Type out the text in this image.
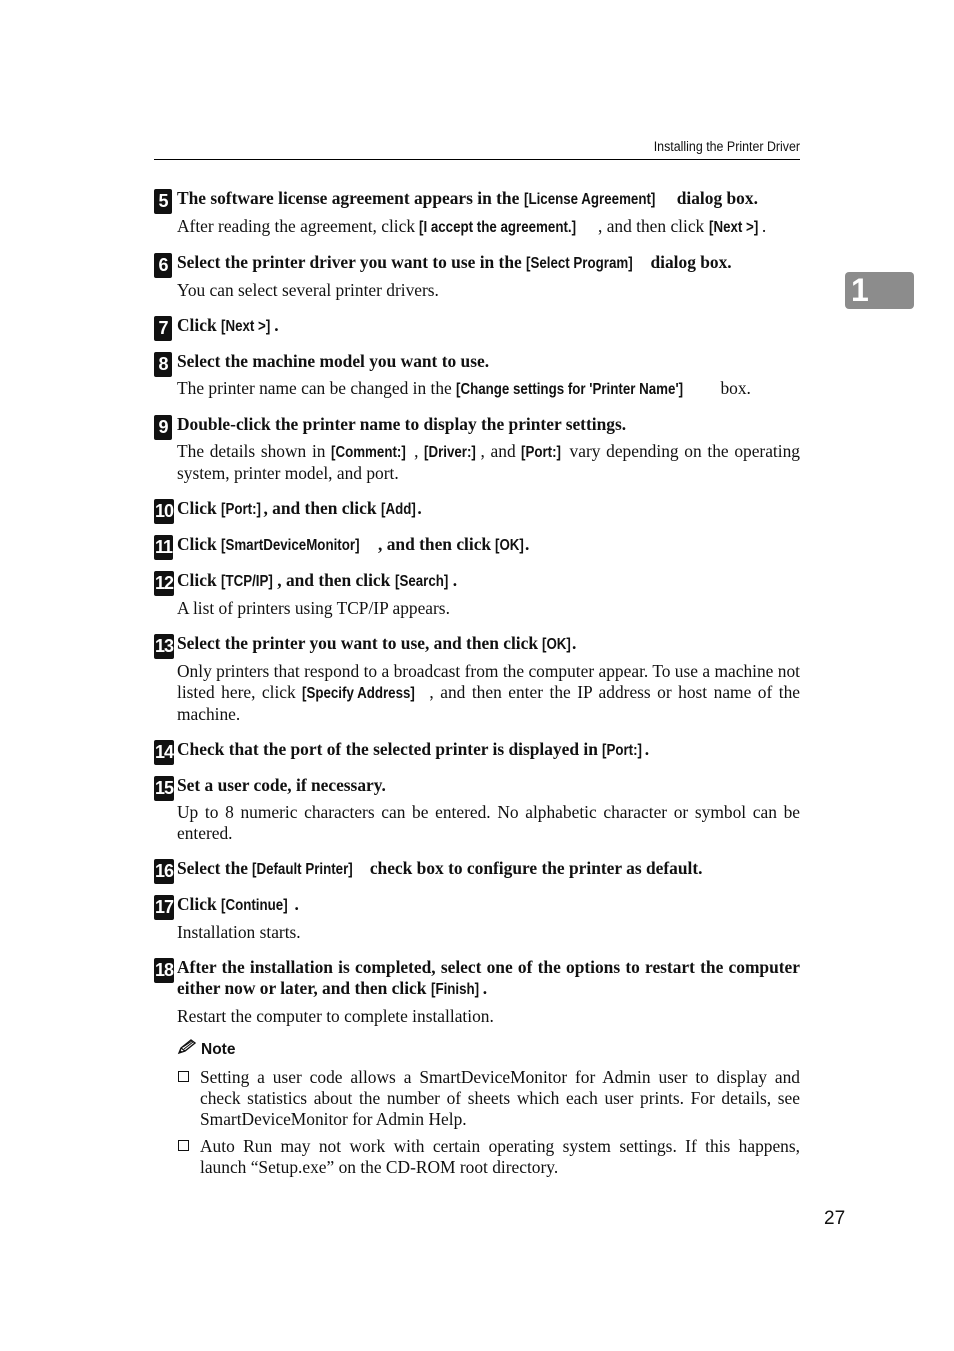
Installing the Printer Driver
1
5 The software license agreement appears in the [License Agreement] dialog box.
After reading the agreement, click [I accept the agreement.] , and then click [Next >] .
6 Select the printer driver you want to use in the [Select Program] dialog box.
You can select several printer drivers.
7 Click [Next >] .
8 Select the machine model you want to use.
The printer name can be changed in the [Change settings for 'Printer Name'] box.
9 Double-click the printer name to display the printer settings.
The details shown in [Comment:] , [Driver:] , and [Port:] vary depending on the operating system, printer model, and port.
10 Click [Port:] , and then click [Add].
11 Click [SmartDeviceMonitor] , and then click [OK].
12 Click [TCP/IP] , and then click [Search] .
A list of printers using TCP/IP appears.
13 Select the printer you want to use, and then click [OK].
Only printers that respond to a broadcast from the computer appear. To use a machine not listed here, click [Specify Address] , and then enter the IP address or host name of the machine.
14 Check that the port of the selected printer is displayed in [Port:] .
15 Set a user code, if necessary.
Up to 8 numeric characters can be entered. No alphabetic character or symbol can be entered.
16 Select the [Default Printer] check box to configure the printer as default.
17 Click [Continue] .
Installation starts.
18 After the installation is completed, select one of the options to restart the computer either now or later, and then click [Finish] .
Restart the computer to complete installation.
Note
Setting a user code allows a SmartDeviceMonitor for Admin user to display and check statistics about the number of sheets which each user prints. For details, see SmartDeviceMonitor for Admin Help.
Auto Run may not work with certain operating system settings. If this happens, launch “Setup.exe” on the CD-ROM root directory.
27
